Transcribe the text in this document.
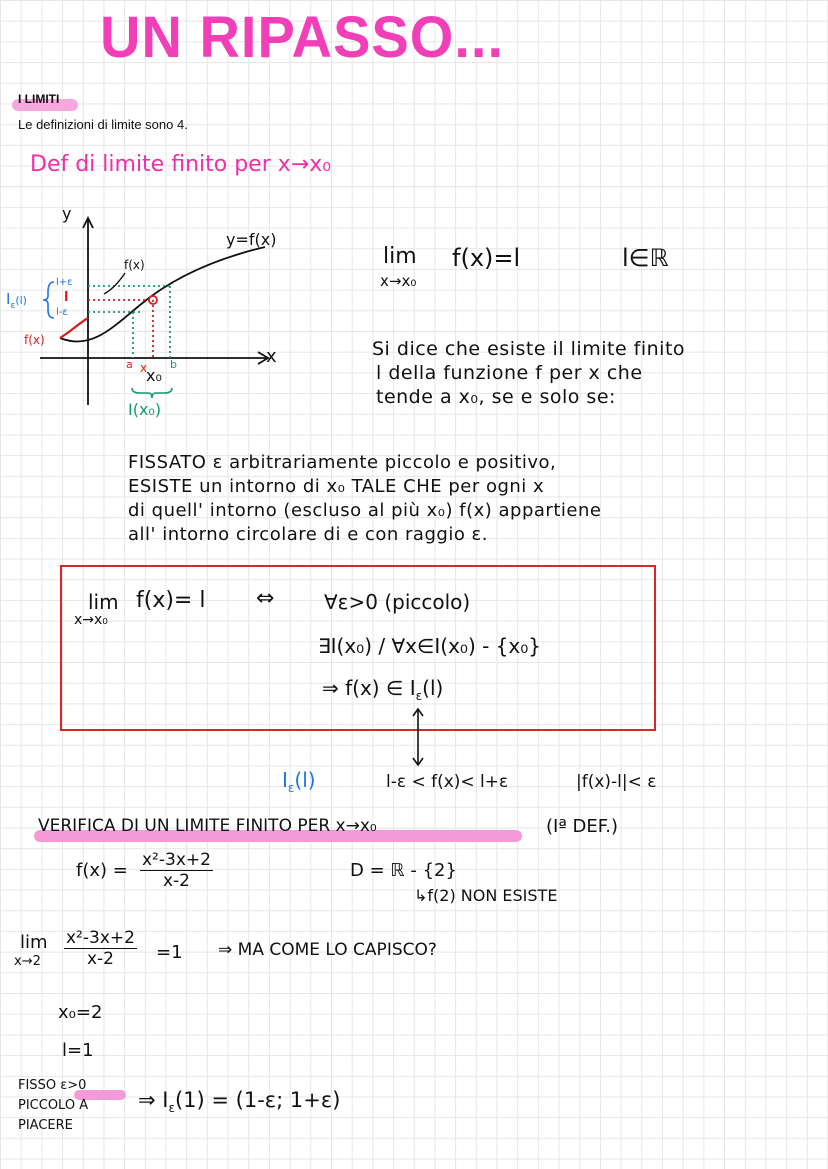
UN RIPASSO...
I LIMITI
Le definizioni di limite sono 4.
Def di limite finito per x→x₀
y
x
y=f(x)
f(x)
l+ε
l
l-ε
$I_\varepsilon(l)$
f(x)
a x
x₀
b
I(x₀)
lim
x→x₀
f(x)=l	l∈ℝ
Si dice che esiste il limite finito
l della funzione f per x che
tende a x₀, se e solo se:
FISSATO ε arbitrariamente piccolo e positivo,
ESISTE un intorno di x₀ TALE CHE per ogni x
di quell' intorno (escluso al più x₀) f(x) appartiene
all' intorno circolare di e con raggio ε.
lim
x→x₀
f(x)= l ⇔ ∀ε>0 (piccolo)
∃I(x₀) / ∀x∈I(x₀) - {x₀}
⇒ f(x) ∈ $I_\varepsilon(l)$
$I_\varepsilon(l)$	l-ε < f(x)< l+ε	|f(x)-l|< ε
VERIFICA DI UN LIMITE FINITO PER x→x₀	(Iª DEF.)
$f(x) = \frac{\text{x²-3x+2}}{x-2}$	D = ℝ - {2}
↳f(2) NON ESISTE
lim
$x\to 2 \frac{\text{x²-3x+2}}{x-2} =1$ ⇒ MA COME LO CAPISCO?
x₀=2
l=1
FISSO ε>0
PICCOLO A
PIACERE
⇒ $I_\varepsilon(1) = (1-\varepsilon$; 1+ε)
